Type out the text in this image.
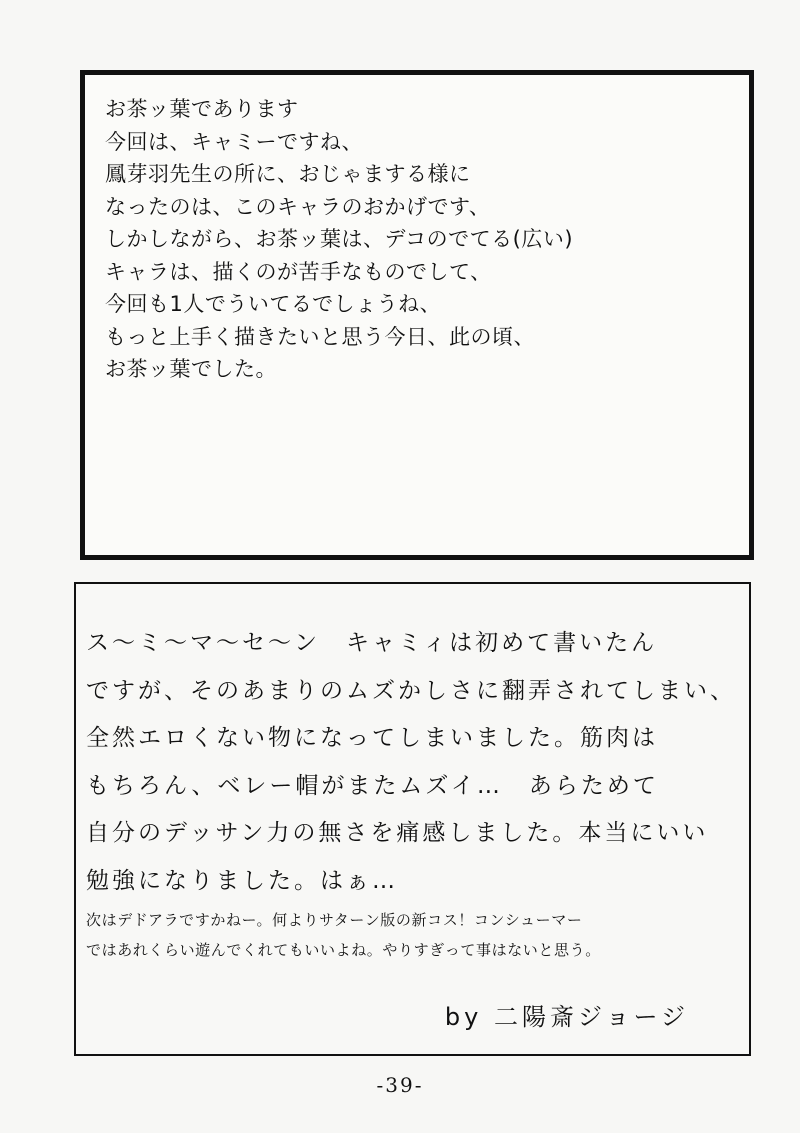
お茶ッ葉であります
今回は、キャミーですね、
鳳芽羽先生の所に、おじゃまする様に
なったのは、このキャラのおかげです、
しかしながら、お茶ッ葉は、デコのでてる(広い)
キャラは、描くのが苦手なものでして、
今回も1人でういてるでしょうね、
もっと上手く描きたいと思う今日、此の頃、
お茶ッ葉でした。
ス～ミ～マ～セ～ン　キャミィは初めて書いたん
ですが、そのあまりのムズかしさに翻弄されてしまい、
全然エロくない物になってしまいました。筋肉は
もちろん、ベレー帽がまたムズイ…　あらためて
自分のデッサン力の無さを痛感しました。本当にいい
勉強になりました。はぁ…
次はデドアラですかねー。何よりサターン版の新コス！コンシューマー
ではあれくらい遊んでくれてもいいよね。やりすぎって事はないと思う。
by 二陽斎ジョージ
-39-
